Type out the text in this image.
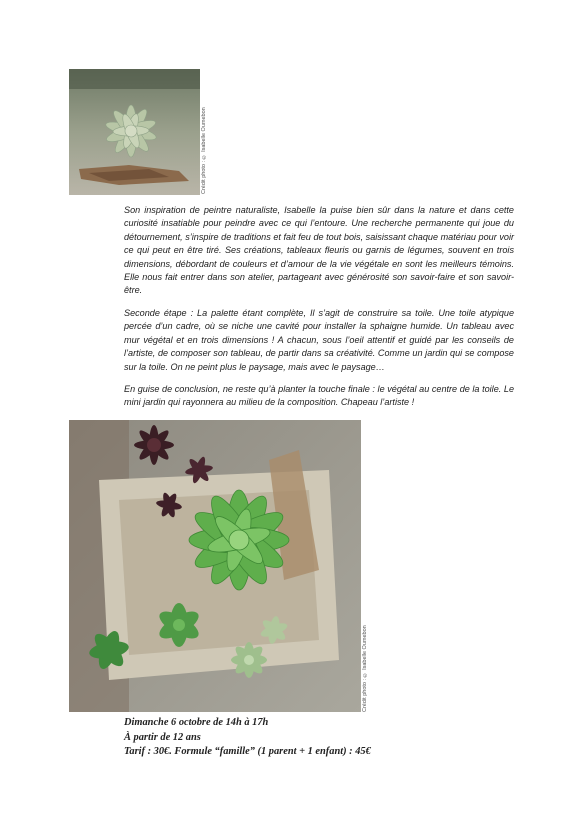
Crédit photo : © Isabelle Oumebon

Son inspiration de peintre naturaliste, Isabelle la puise bien sûr dans la nature et dans cette curiosité insatiable pour peindre avec ce qui l’entoure. Une recherche permanente qui joue du détournement, s’inspire de traditions et fait feu de tout bois, saisissant chaque matériau pour voir ce qui peut en être tiré. Ses créations, tableaux fleuris ou garnis de légumes, souvent en trois dimensions, débordant de couleurs et d’amour de la vie végétale en sont les meilleurs témoins. Elle nous fait entrer dans son atelier, partageant avec générosité son savoir-faire et son savoir-être.

Seconde étape : La palette étant complète, Il s’agit de construire sa toile. Une toile atypique percée d’un cadre, où se niche une cavité pour installer la sphaigne humide. Un tableau avec mur végétal et en trois dimensions ! A chacun, sous l’oeil attentif et guidé par les conseils de l’artiste, de composer son tableau, de partir dans sa créativité. Comme un jardin qui se compose sur la toile. On ne peint plus le paysage, mais avec le paysage…

En guise de conclusion, ne reste qu’à planter la touche finale : le végétal au centre de la toile. Le mini jardin qui rayonnera au milieu de la composition. Chapeau l’artiste !

Crédit photo : © Isabelle Oumebon
Dimanche 6 octobre de 14h à 17h
À partir de 12 ans
Tarif : 30€. Formule “famille” (1 parent + 1 enfant) : 45€
